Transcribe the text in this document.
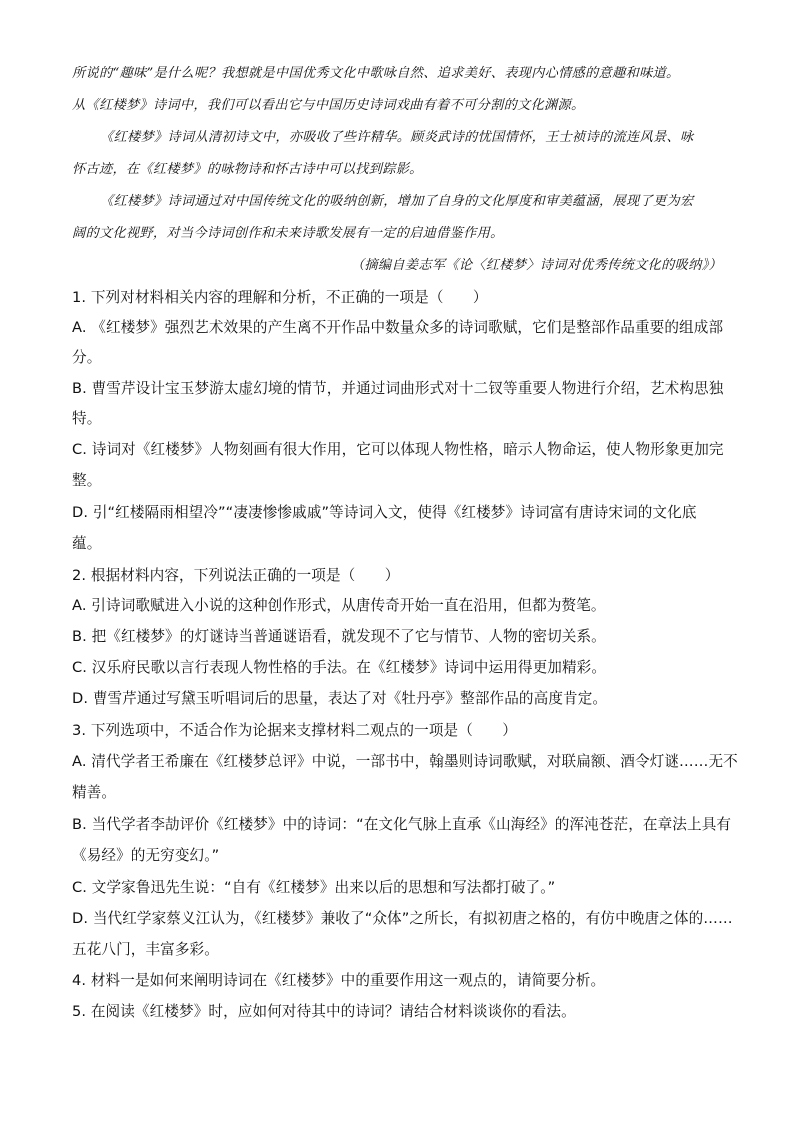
所说的“趣味”是什么呢？我想就是中国优秀文化中歌咏自然、追求美好、表现内心情感的意趣和味道。
从《红楼梦》诗词中，我们可以看出它与中国历史诗词戏曲有着不可分割的文化渊源。
《红楼梦》诗词从清初诗文中，亦吸收了些许精华。顾炎武诗的忧国情怀，王士祯诗的流连风景、咏
怀古迹，在《红楼梦》的咏物诗和怀古诗中可以找到踪影。
《红楼梦》诗词通过对中国传统文化的吸纳创新，增加了自身的文化厚度和审美蕴涵，展现了更为宏
阔的文化视野，对当今诗词创作和未来诗歌发展有一定的启迪借鉴作用。
（摘编自姜志军《论〈红楼梦〉诗词对优秀传统文化的吸纳》）
1. 下列对材料相关内容的理解和分析，不正确的一项是（　　）
A. 《红楼梦》强烈艺术效果的产生离不开作品中数量众多的诗词歌赋，它们是整部作品重要的组成部
分。
B. 曹雪芹设计宝玉梦游太虚幻境的情节，并通过词曲形式对十二钗等重要人物进行介绍，艺术构思独
特。
C. 诗词对《红楼梦》人物刻画有很大作用，它可以体现人物性格，暗示人物命运，使人物形象更加完
整。
D. 引“红楼隔雨相望冷”“凄凄惨惨戚戚”等诗词入文，使得《红楼梦》诗词富有唐诗宋词的文化底
蕴。
2. 根据材料内容，下列说法正确的一项是（　　）
A. 引诗词歌赋进入小说的这种创作形式，从唐传奇开始一直在沿用，但都为赘笔。
B. 把《红楼梦》的灯谜诗当普通谜语看，就发现不了它与情节、人物的密切关系。
C. 汉乐府民歌以言行表现人物性格的手法。在《红楼梦》诗词中运用得更加精彩。
D. 曹雪芹通过写黛玉听唱词后的思量，表达了对《牡丹亭》整部作品的高度肯定。
3. 下列选项中，不适合作为论据来支撑材料二观点的一项是（　　）
A. 清代学者王希廉在《红楼梦总评》中说，一部书中，翰墨则诗词歌赋，对联扁额、酒令灯谜……无不
精善。
B. 当代学者李劼评价《红楼梦》中的诗词：“在文化气脉上直承《山海经》的浑沌苍茫，在章法上具有
《易经》的无穷变幻。”
C. 文学家鲁迅先生说：“自有《红楼梦》出来以后的思想和写法都打破了。”
D. 当代红学家蔡义江认为，《红楼梦》兼收了“众体”之所长，有拟初唐之格的，有仿中晚唐之体的……
五花八门，丰富多彩。
4. 材料一是如何来阐明诗词在《红楼梦》中的重要作用这一观点的，请简要分析。
5. 在阅读《红楼梦》时，应如何对待其中的诗词？请结合材料谈谈你的看法。
